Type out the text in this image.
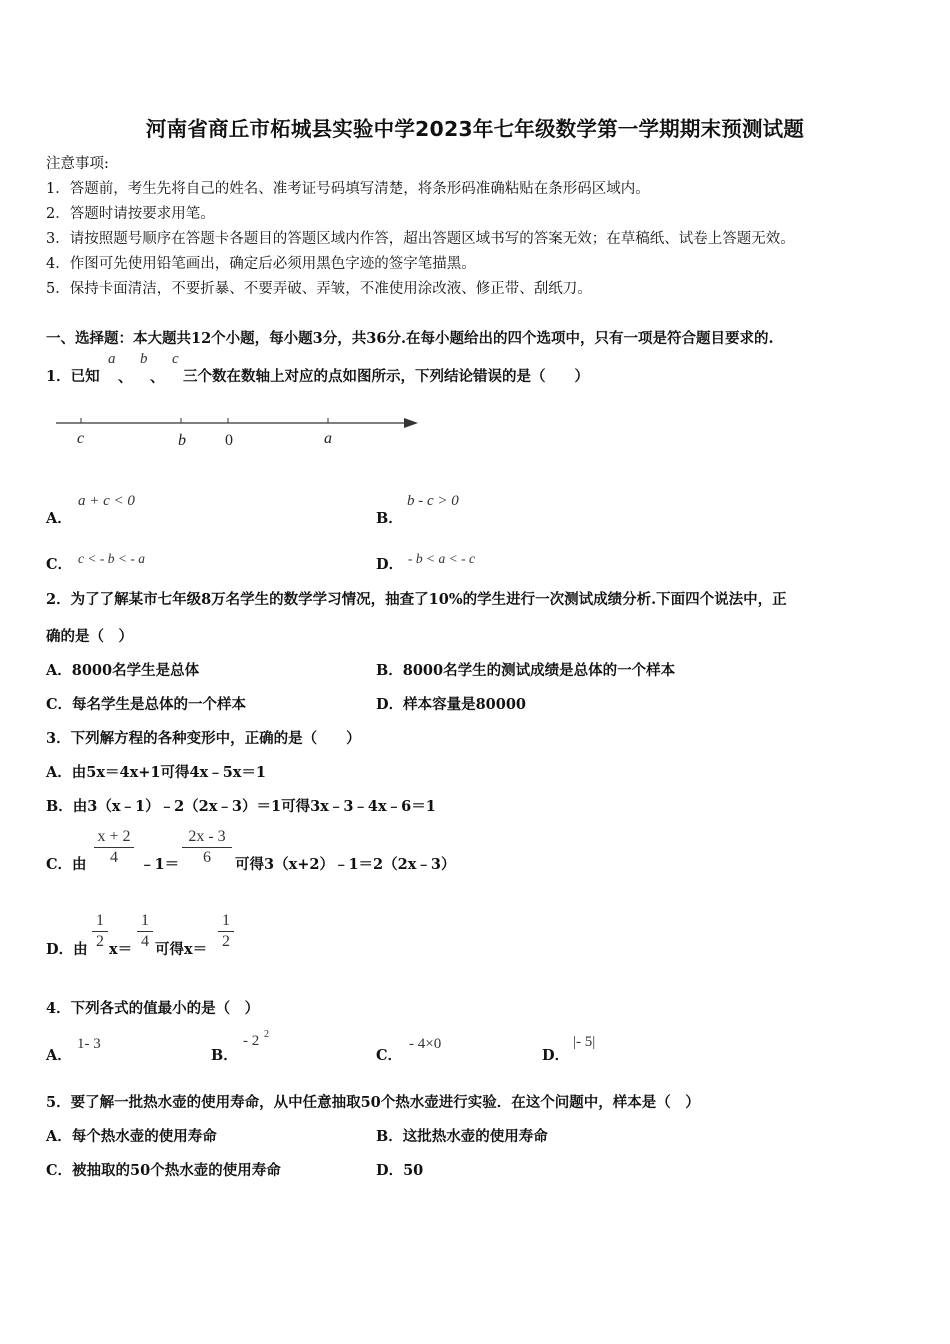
河南省商丘市柘城县实验中学2023年七年级数学第一学期期末预测试题
注意事项:
1．答题前，考生先将自己的姓名、准考证号码填写清楚，将条形码准确粘贴在条形码区域内。
2．答题时请按要求用笔。
3．请按照题号顺序在答题卡各题目的答题区域内作答，超出答题区域书写的答案无效；在草稿纸、试卷上答题无效。
4．作图可先使用铅笔画出，确定后必须用黑色字迹的签字笔描黑。
5．保持卡面清洁，不要折暴、不要弄破、弄皱，不准使用涂改液、修正带、刮纸刀。
一、选择题：本大题共12个小题，每小题3分，共36分.在每小题给出的四个选项中，只有一项是符合题目要求的.
1．已知
a
、
b
、
c
三个数在数轴上对应的点如图所示，下列结论错误的是（　　）
c	b 0	a
A．
a + c < 0
B．
b - c > 0
C． c < - b < - a	D． - b < a < - c
2．为了了解某市七年级8万名学生的数学学习情况，抽查了10%的学生进行一次测试成绩分析.下面四个说法中，正
确的是（　）
A．8000名学生是总体	B．8000名学生的测试成绩是总体的一个样本
C．每名学生是总体的一个样本	D．样本容量是80000
3．下列解方程的各种变形中，正确的是（　　）
A．由5x＝4x+1可得4x﹣5x＝1
B．由3（x﹣1）﹣2（2x﹣3）＝1可得3x﹣3﹣4x﹣6＝1
C．由 $\frac{x + 2}{4}$ ﹣1＝ $\frac{2x - 3}{6}$ 可得3（x+2）﹣1＝2（2x﹣3）
D．由 $\frac{1}{2} x= \frac{1}{4}$ 可得$x= \frac{1}{2}$
4．下列各式的值最小的是（　）
A．
1- 3
B．
- 2 2
C．
- 4×0
D．
|- 5|
5．要了解一批热水壶的使用寿命，从中任意抽取50个热水壶进行实验．在这个问题中，样本是（　）
A．每个热水壶的使用寿命	B．这批热水壶的使用寿命
C．被抽取的50个热水壶的使用寿命	D．50
